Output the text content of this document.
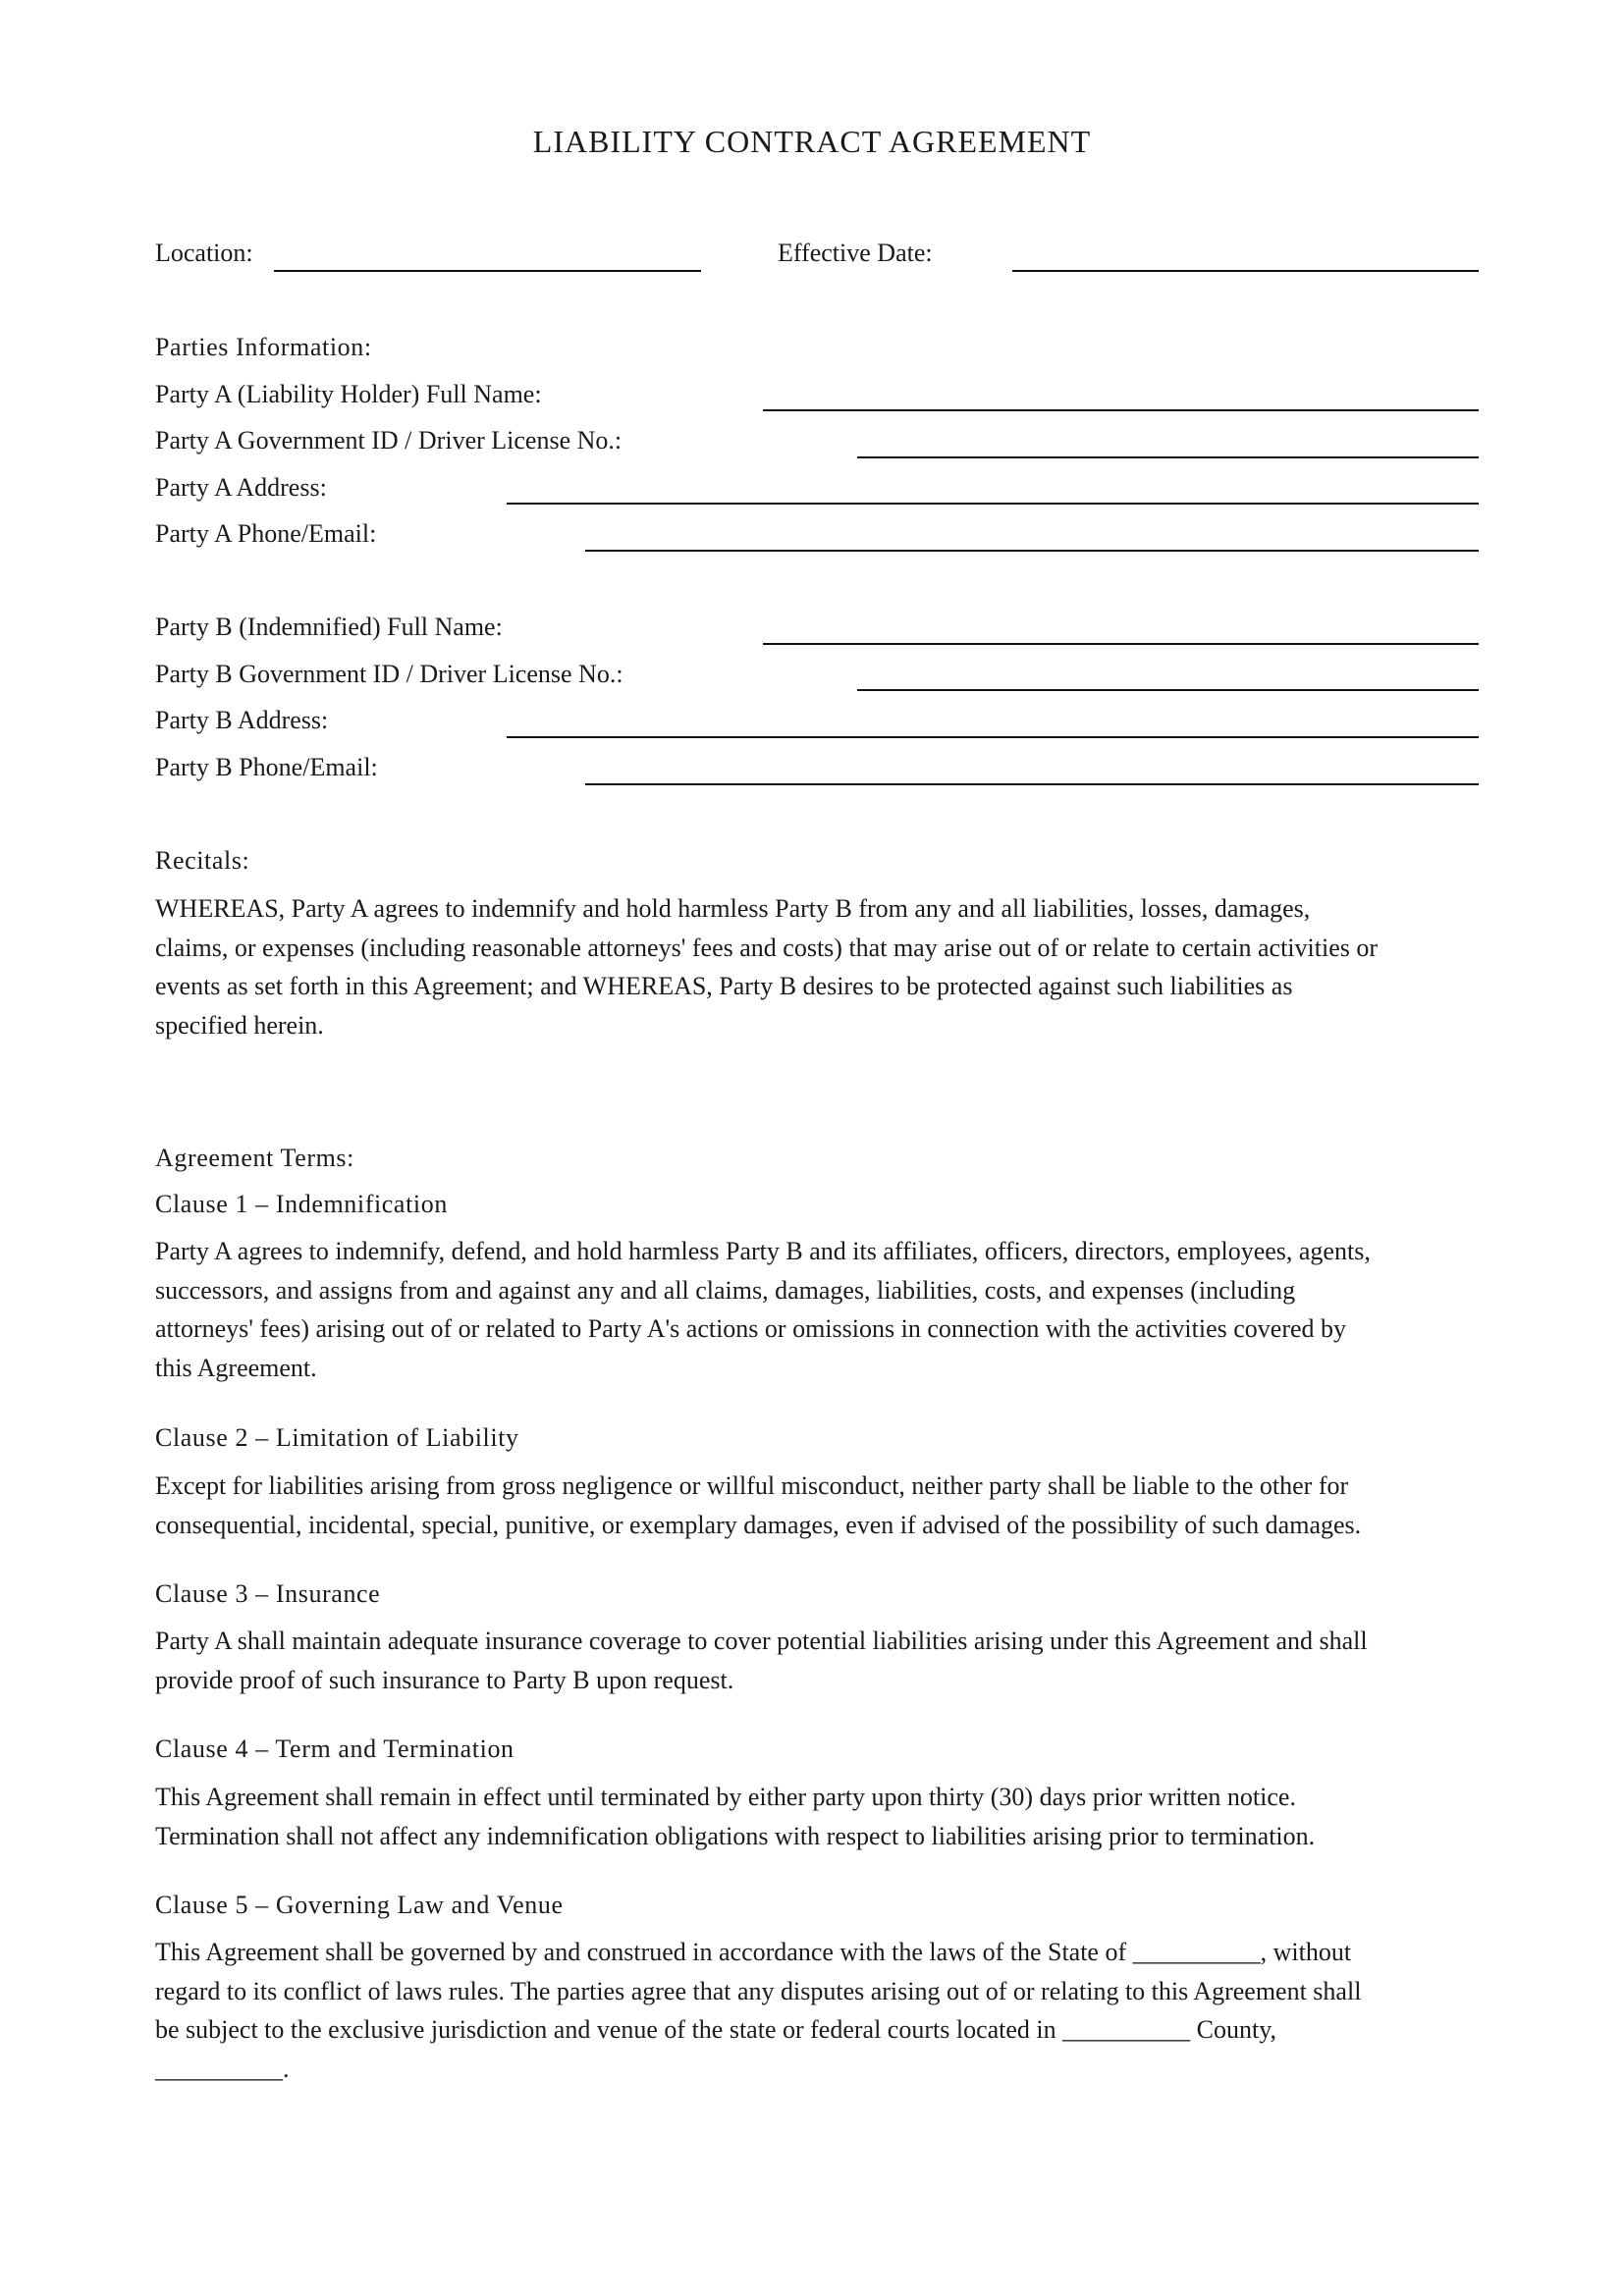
LIABILITY CONTRACT AGREEMENT
Location:	Effective Date:
Parties Information:
Party A (Liability Holder) Full Name:
Party A Government ID / Driver License No.:
Party A Address:
Party A Phone/Email:
Party B (Indemnified) Full Name:
Party B Government ID / Driver License No.:
Party B Address:
Party B Phone/Email:
Recitals:
WHEREAS, Party A agrees to indemnify and hold harmless Party B from any and all liabilities, losses, damages,
claims, or expenses (including reasonable attorneys' fees and costs) that may arise out of or relate to certain activities or
events as set forth in this Agreement; and WHEREAS, Party B desires to be protected against such liabilities as
specified herein.
Agreement Terms:
Clause 1 – Indemnification
Party A agrees to indemnify, defend, and hold harmless Party B and its affiliates, officers, directors, employees, agents,
successors, and assigns from and against any and all claims, damages, liabilities, costs, and expenses (including
attorneys' fees) arising out of or related to Party A's actions or omissions in connection with the activities covered by
this Agreement.
Clause 2 – Limitation of Liability
Except for liabilities arising from gross negligence or willful misconduct, neither party shall be liable to the other for
consequential, incidental, special, punitive, or exemplary damages, even if advised of the possibility of such damages.
Clause 3 – Insurance
Party A shall maintain adequate insurance coverage to cover potential liabilities arising under this Agreement and shall
provide proof of such insurance to Party B upon request.
Clause 4 – Term and Termination
This Agreement shall remain in effect until terminated by either party upon thirty (30) days prior written notice.
Termination shall not affect any indemnification obligations with respect to liabilities arising prior to termination.
Clause 5 – Governing Law and Venue
This Agreement shall be governed by and construed in accordance with the laws of the State of __________, without
regard to its conflict of laws rules. The parties agree that any disputes arising out of or relating to this Agreement shall
be subject to the exclusive jurisdiction and venue of the state or federal courts located in __________ County,
__________.
